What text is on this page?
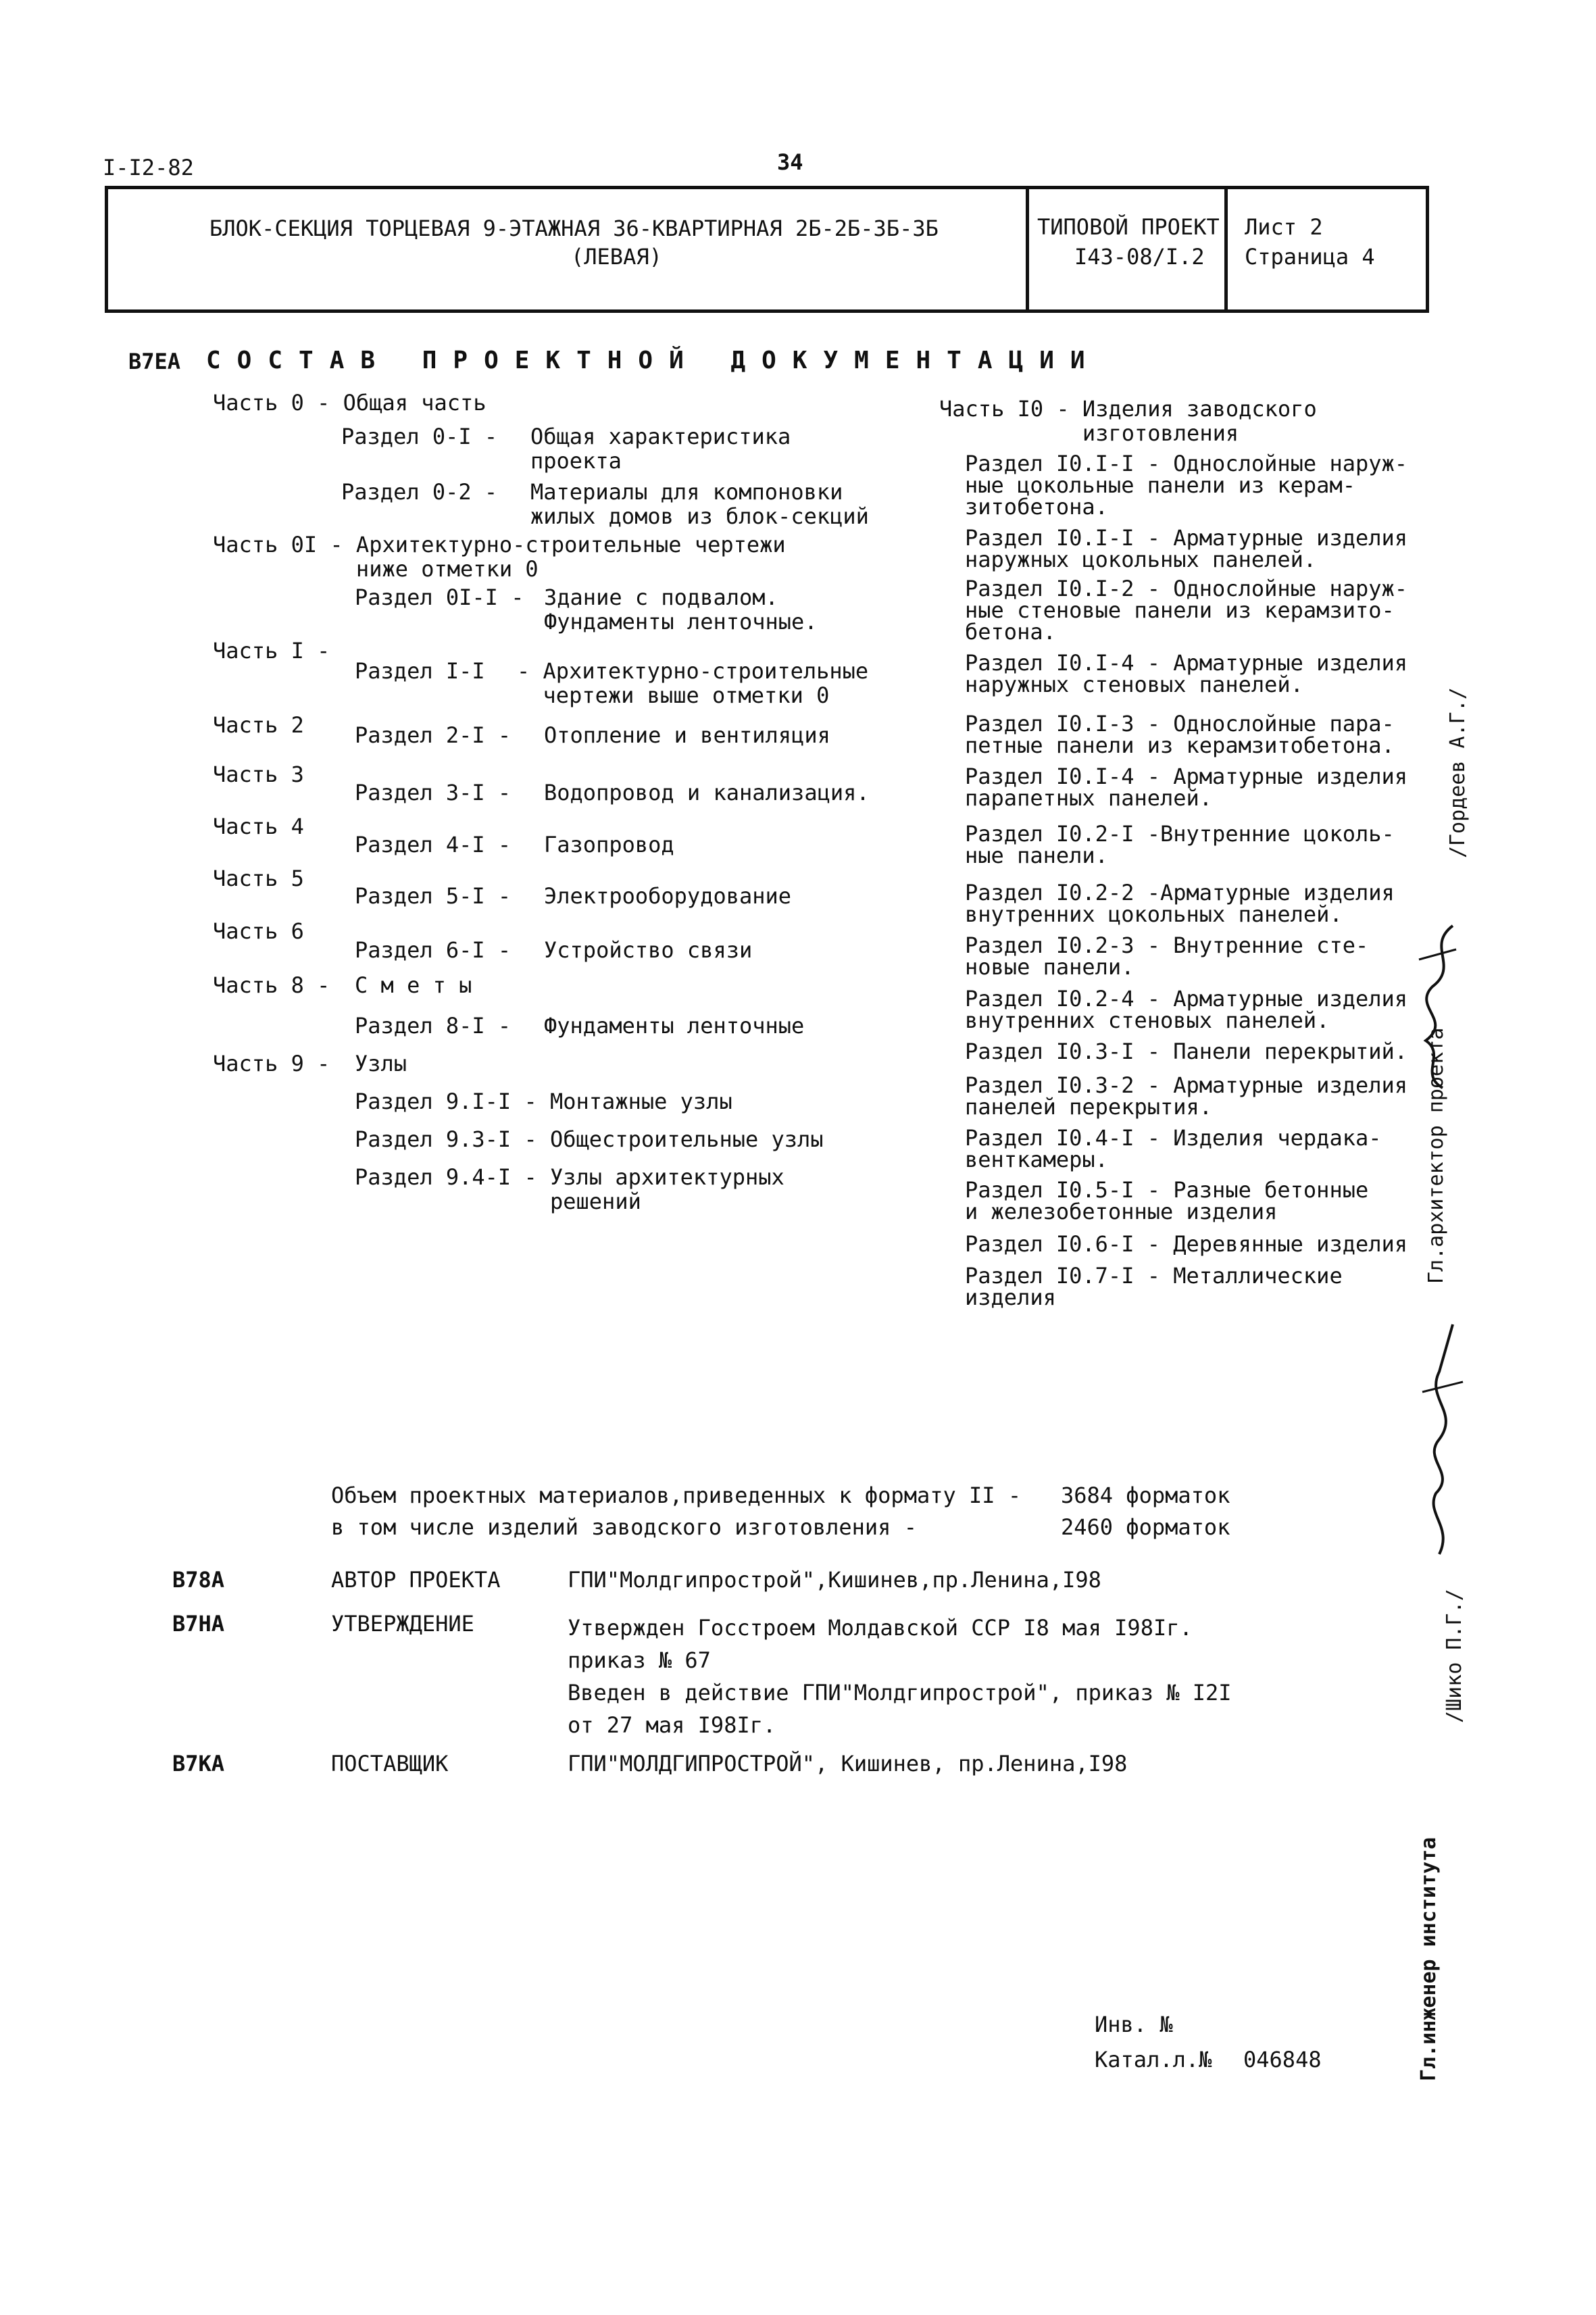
I-I2-82	34
БЛОК-СЕКЦИЯ ТОРЦЕВАЯ 9-ЭТАЖНАЯ 36-КВАРТИРНАЯ 2Б-2Б-3Б-3Б
(ЛЕВАЯ)
ТИПОВОЙ ПРОЕКТ
I43-08/I.2
Лист 2
Страница 4
B7EA СОСТАВ ПРОЕКТНОЙ ДОКУМЕНТАЦИИ
Часть 0 - Общая часть
Раздел 0-I - Общая характеристика
проекта
Раздел 0-2 - Материалы для компоновки
жилых домов из блок-секций
Часть 0I - Архитектурно-строительные чертежи
ниже отметки 0
Раздел 0I-I - Здание с подвалом.
Фундаменты ленточные.
Часть I -
Раздел I-I - Архитектурно-строительные
чертежи выше отметки 0
Часть 2 Раздел 2-I - Отопление и вентиляция
Часть 3
Раздел 3-I - Водопровод и канализация.
Часть 4
Раздел 4-I - Газопровод
Часть 5
Раздел 5-I - Электрооборудование
Часть 6
Раздел 6-I - Устройство связи
Часть 8 - С м е т ы
Раздел 8-I - Фундаменты ленточные
Часть 9 - Узлы
Раздел 9.I-I - Монтажные узлы
Раздел 9.3-I - Общестроительные узлы
Раздел 9.4-I - Узлы архитектурных
решений
Часть I0 - Изделия заводского
изготовления
Раздел I0.I-I - Однослойные наруж-
ные цокольные панели из керам-
зитобетона.
Раздел I0.I-I - Арматурные изделия
наружных цокольных панелей.
Раздел I0.I-2 - Однослойные наруж-
ные стеновые панели из керамзито-
бетона.
Раздел I0.I-4 - Арматурные изделия
наружных стеновых панелей.
Раздел I0.I-3 - Однослойные пара-
петные панели из керамзитобетона.
Раздел I0.I-4 - Арматурные изделия
парапетных панелей.
Раздел I0.2-I -Внутренние цоколь-
ные панели.
Раздел I0.2-2 -Арматурные изделия
внутренних цокольных панелей.
Раздел I0.2-3 - Внутренние сте-
новые панели.
Раздел I0.2-4 - Арматурные изделия
внутренних стеновых панелей.
Раздел I0.3-I - Панели перекрытий.
Раздел I0.3-2 - Арматурные изделия
панелей перекрытия.
Раздел I0.4-I - Изделия чердака-
венткамеры.
Раздел I0.5-I - Разные бетонные
и железобетонные изделия
Раздел I0.6-I - Деревянные изделия
Раздел I0.7-I - Металлические
изделия
Объем проектных материалов,приведенных к формату II - 3684 форматок
в том числе изделий заводского изготовления -	2460 форматок
B78A	АВТОР ПРОЕКТА	ГПИ"Молдгипрострой",Кишинев,пр.Ленина,I98
B7HA	УТВЕРЖДЕНИЕ	Утвержден Госстроем Молдавской ССР I8 мая I98Iг.
приказ № 67
Введен в действие ГПИ"Молдгипрострой", приказ № I2I
от 27 мая I98Iг.
B7KA	ПОСТАВЩИК	ГПИ"МОЛДГИПРОСТРОЙ", Кишинев, пр.Ленина,I98
Инв. №
Катал.л.№ 046848
/Гордеев А.Г./
Гл.архитектор проекта
/Шико П.Г./
Гл.инженер института
